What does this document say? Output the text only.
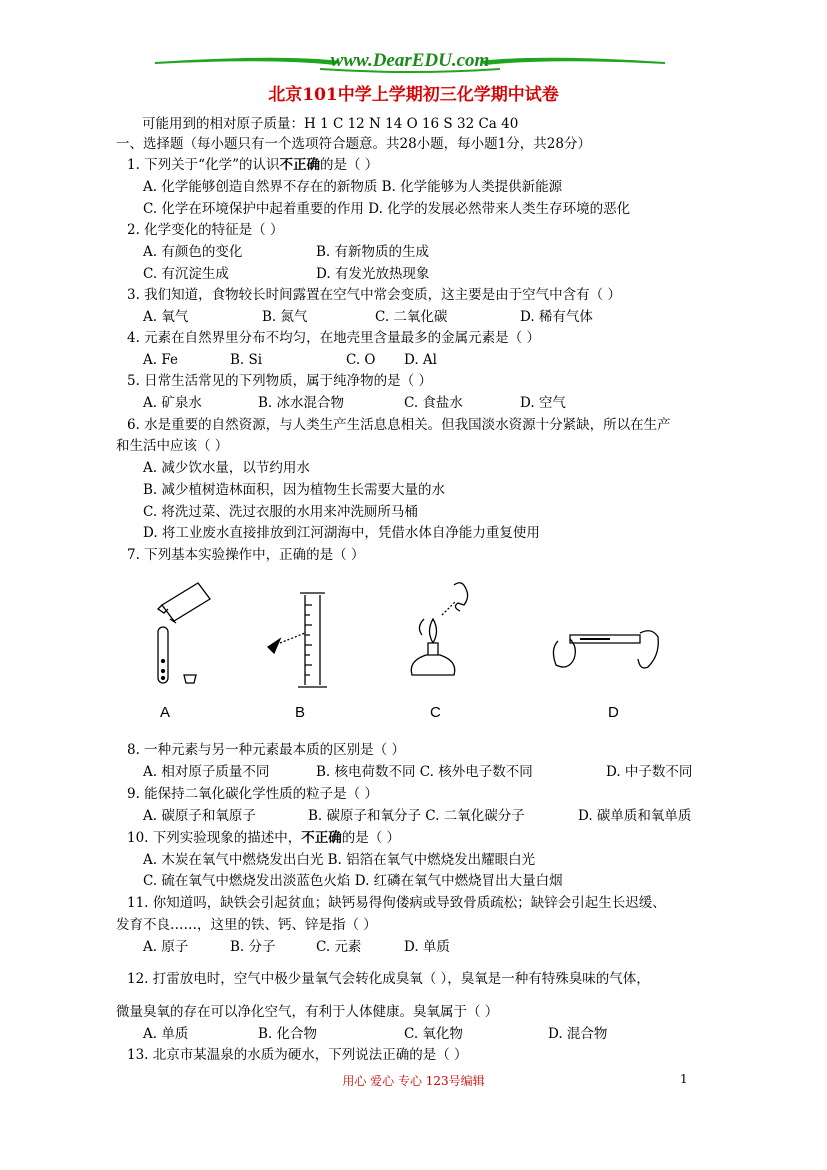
www.DearEDU.com
北京101中学上学期初三化学期中试卷
可能用到的相对原子质量：H 1 C 12 N 14 O 16 S 32 Ca 40
一、选择题（每小题只有一个选项符合题意。共28小题，每小题1分，共28分）
1. 下列关于“化学”的认识不正确的是（ ）
A. 化学能够创造自然界不存在的新物质 B. 化学能够为人类提供新能源
C. 化学在环境保护中起着重要的作用 D. 化学的发展必然带来人类生存环境的恶化
2. 化学变化的特征是（ ）
A. 有颜色的变化	B. 有新物质的生成
C. 有沉淀生成	D. 有发光放热现象
3. 我们知道，食物较长时间露置在空气中常会变质，这主要是由于空气中含有（ ）
A. 氧气	B. 氮气	C. 二氧化碳	D. 稀有气体
4. 元素在自然界里分布不均匀，在地壳里含量最多的金属元素是（ ）
A. Fe	B. Si	C. O D. Al
5. 日常生活常见的下列物质，属于纯净物的是（ ）
A. 矿泉水	B. 冰水混合物	C. 食盐水	D. 空气
6. 水是重要的自然资源，与人类生产生活息息相关。但我国淡水资源十分紧缺，所以在生产
和生活中应该（ ）
A. 减少饮水量，以节约用水
B. 减少植树造林面积，因为植物生长需要大量的水
C. 将洗过菜、洗过衣服的水用来冲洗厕所马桶
D. 将工业废水直接排放到江河湖海中，凭借水体自净能力重复使用
7. 下列基本实验操作中，正确的是（ ）
A	B	C	D
8. 一种元素与另一种元素最本质的区别是（ ）
A. 相对原子质量不同	B. 核电荷数不同 C. 核外电子数不同	D. 中子数不同
9. 能保持二氧化碳化学性质的粒子是（ ）
A. 碳原子和氧原子	B. 碳原子和氧分子 C. 二氧化碳分子	D. 碳单质和氧单质
10. 下列实验现象的描述中，不正确的是（ ）
A. 木炭在氧气中燃烧发出白光 B. 铝箔在氧气中燃烧发出耀眼白光
C. 硫在氧气中燃烧发出淡蓝色火焰 D. 红磷在氧气中燃烧冒出大量白烟
11. 你知道吗，缺铁会引起贫血；缺钙易得佝偻病或导致骨质疏松；缺锌会引起生长迟缓、
发育不良……，这里的铁、钙、锌是指（ ）
A. 原子	B. 分子	C. 元素	D. 单质
12. 打雷放电时，空气中极少量氧气会转化成臭氧（ ），臭氧是一种有特殊臭味的气体，
微量臭氧的存在可以净化空气，有利于人体健康。臭氧属于（ ）
A. 单质	B. 化合物	C. 氧化物	D. 混合物
13. 北京市某温泉的水质为硬水，下列说法正确的是（ ）
用心 爱心 专心 123号编辑	1
